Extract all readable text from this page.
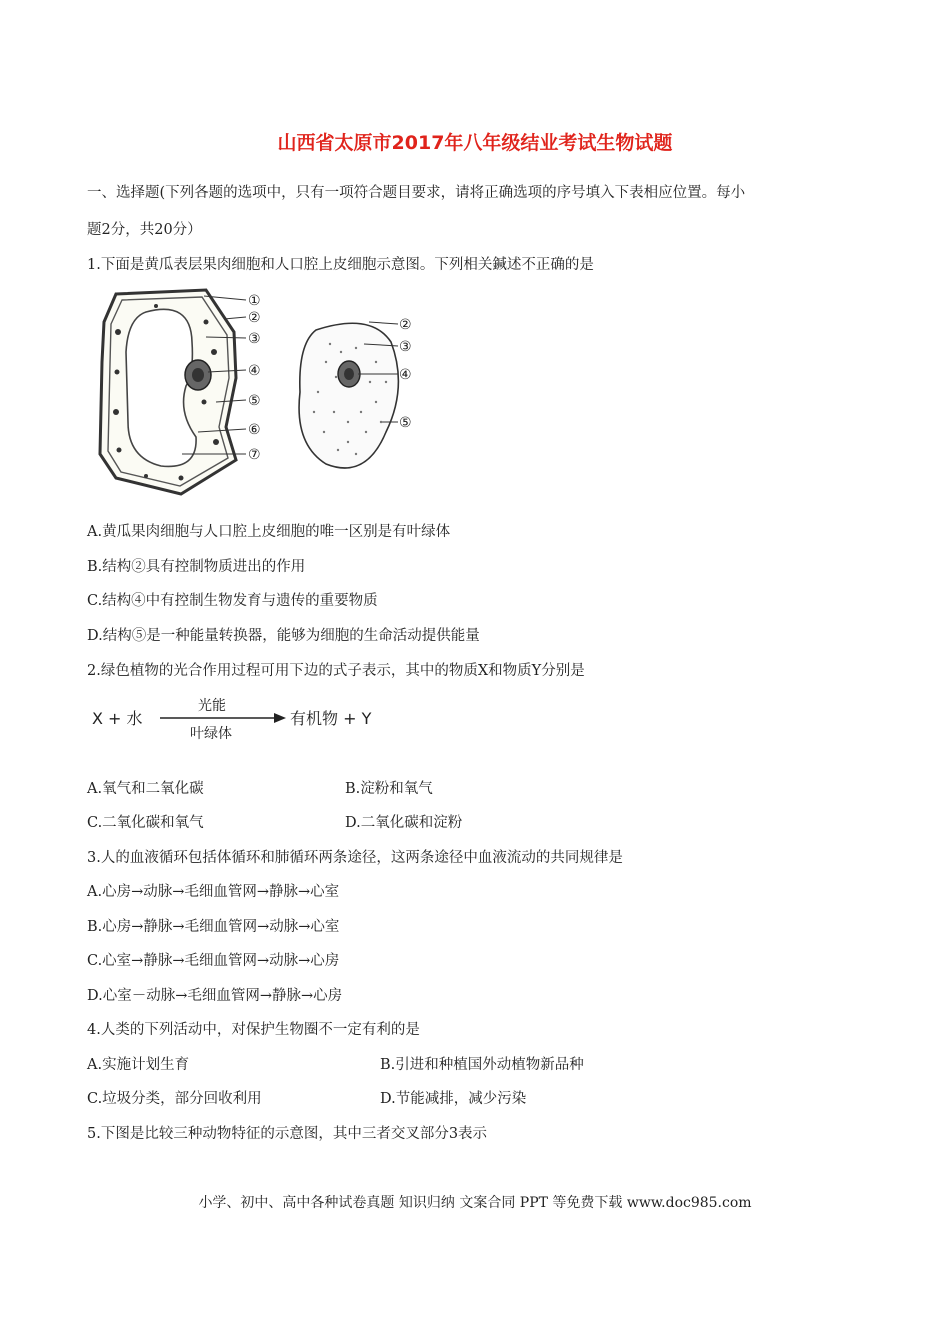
山西省太原市2017年八年级结业考试生物试题
一、选择题(下列各题的选项中，只有一项符合题目要求，请将正确选项的序号填入下表相应位置。每小
题2分，共20分）
1.下面是黄瓜表层果肉细胞和人口腔上皮细胞示意图。下列相关鍼述不正确的是
①
②
③
④
⑤
⑥
⑦
②
③
④
⑤
A.黄瓜果肉细胞与人口腔上皮细胞的唯一区别是有叶绿体
B.结构②具有控制物质进出的作用
C.结构④中有控制生物发育与遗传的重要物质
D.结构⑤是一种能量转换器，能够为细胞的生命活动提供能量
2.绿色植物的光合作用过程可用下边的式子表示，其中的物质X和物质Y分别是
X + 水
光能
叶绿体
有机物 + Y
A.氧气和二氧化碳	B.淀粉和氧气
C.二氧化碳和氧气	D.二氧化碳和淀粉
3.人的血液循环包括体循环和肺循环两条途径，这两条途径中血液流动的共同规律是
A.心房→动脉→毛细血管网→静脉→心室
B.心房→静脉→毛细血管网→动脉→心室
C.心室→静脉→毛细血管网→动脉→心房
D.心室－动脉→毛细血管网→静脉→心房
4.人类的下列活动中，对保护生物圈不一定有利的是
A.实施计划生育	B.引进和种植国外动植物新品种
C.垃圾分类，部分回收利用	D.节能减排，减少污染
5.下图是比较三种动物特征的示意图，其中三者交叉部分3表示
小学、初中、高中各种试卷真题 知识归纳 文案合同 PPT 等免费下载 www.doc985.com
